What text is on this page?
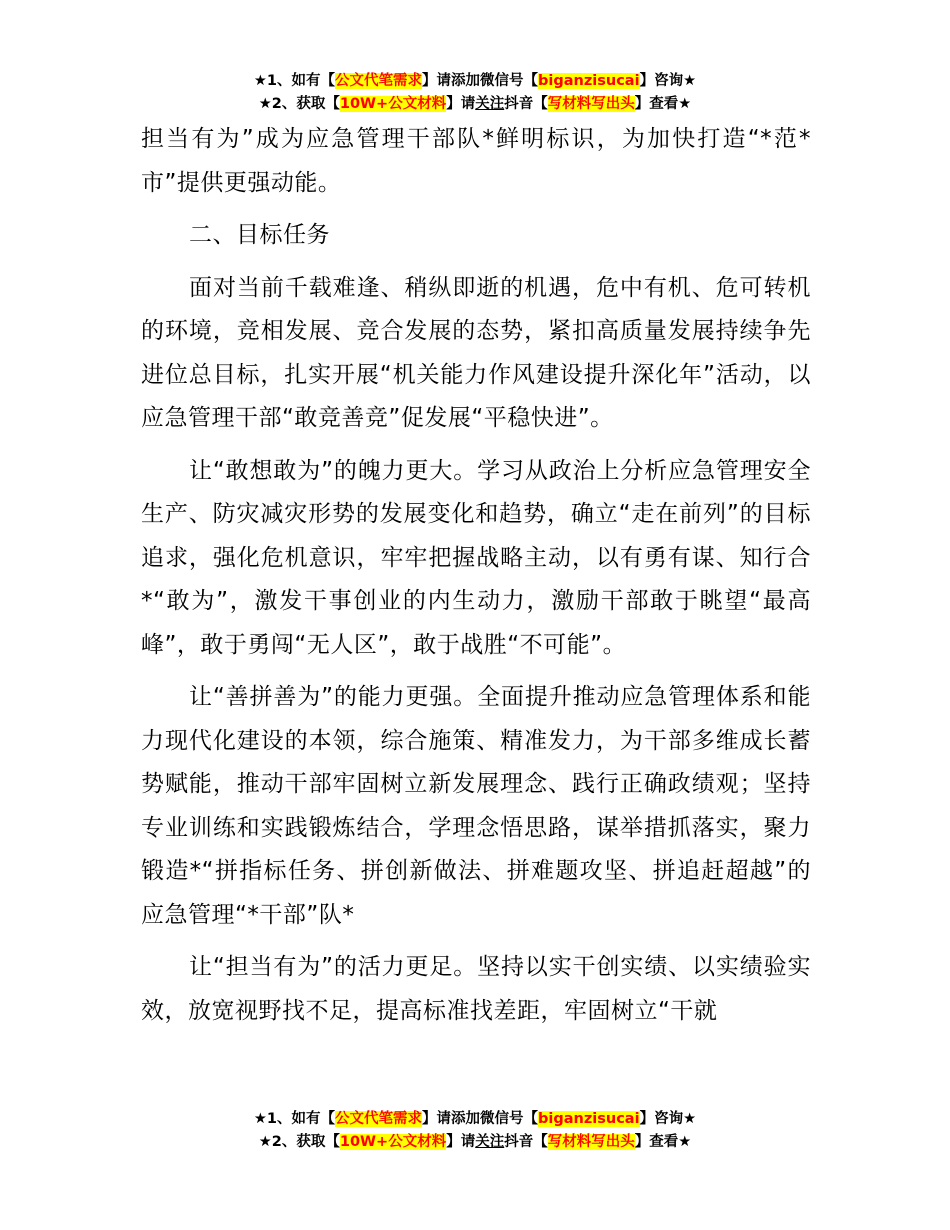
★1、如有【公文代笔需求】请添加微信号【biganzisucai】咨询★
★2、获取【10W+公文材料】请关注抖音【写材料写出头】查看★

担当有为”成为应急管理干部队*鲜明标识，为加快打造“*范*市”提供更强动能。

二、目标任务

面对当前千载难逢、稍纵即逝的机遇，危中有机、危可转机的环境，竞相发展、竞合发展的态势，紧扣高质量发展持续争先进位总目标，扎实开展“机关能力作风建设提升深化年”活动，以应急管理干部“敢竞善竞”促发展“平稳快进”。

让“敢想敢为”的魄力更大。学习从政治上分析应急管理安全生产、防灾减灾形势的发展变化和趋势，确立“走在前列”的目标追求，强化危机意识，牢牢把握战略主动，以有勇有谋、知行合*“敢为”，激发干事创业的内生动力，激励干部敢于眺望“最高峰”，敢于勇闯“无人区”，敢于战胜“不可能”。

让“善拼善为”的能力更强。全面提升推动应急管理体系和能力现代化建设的本领，综合施策、精准发力，为干部多维成长蓄势赋能，推动干部牢固树立新发展理念、践行正确政绩观；坚持专业训练和实践锻炼结合，学理念悟思路，谋举措抓落实，聚力锻造*“拼指标任务、拼创新做法、拼难题攻坚、拼追赶超越”的应急管理“*干部”队*

让“担当有为”的活力更足。坚持以实干创实绩、以实绩验实效，放宽视野找不足，提高标准找差距，牢固树立“干就

★1、如有【公文代笔需求】请添加微信号【biganzisucai】咨询★
★2、获取【10W+公文材料】请关注抖音【写材料写出头】查看★
